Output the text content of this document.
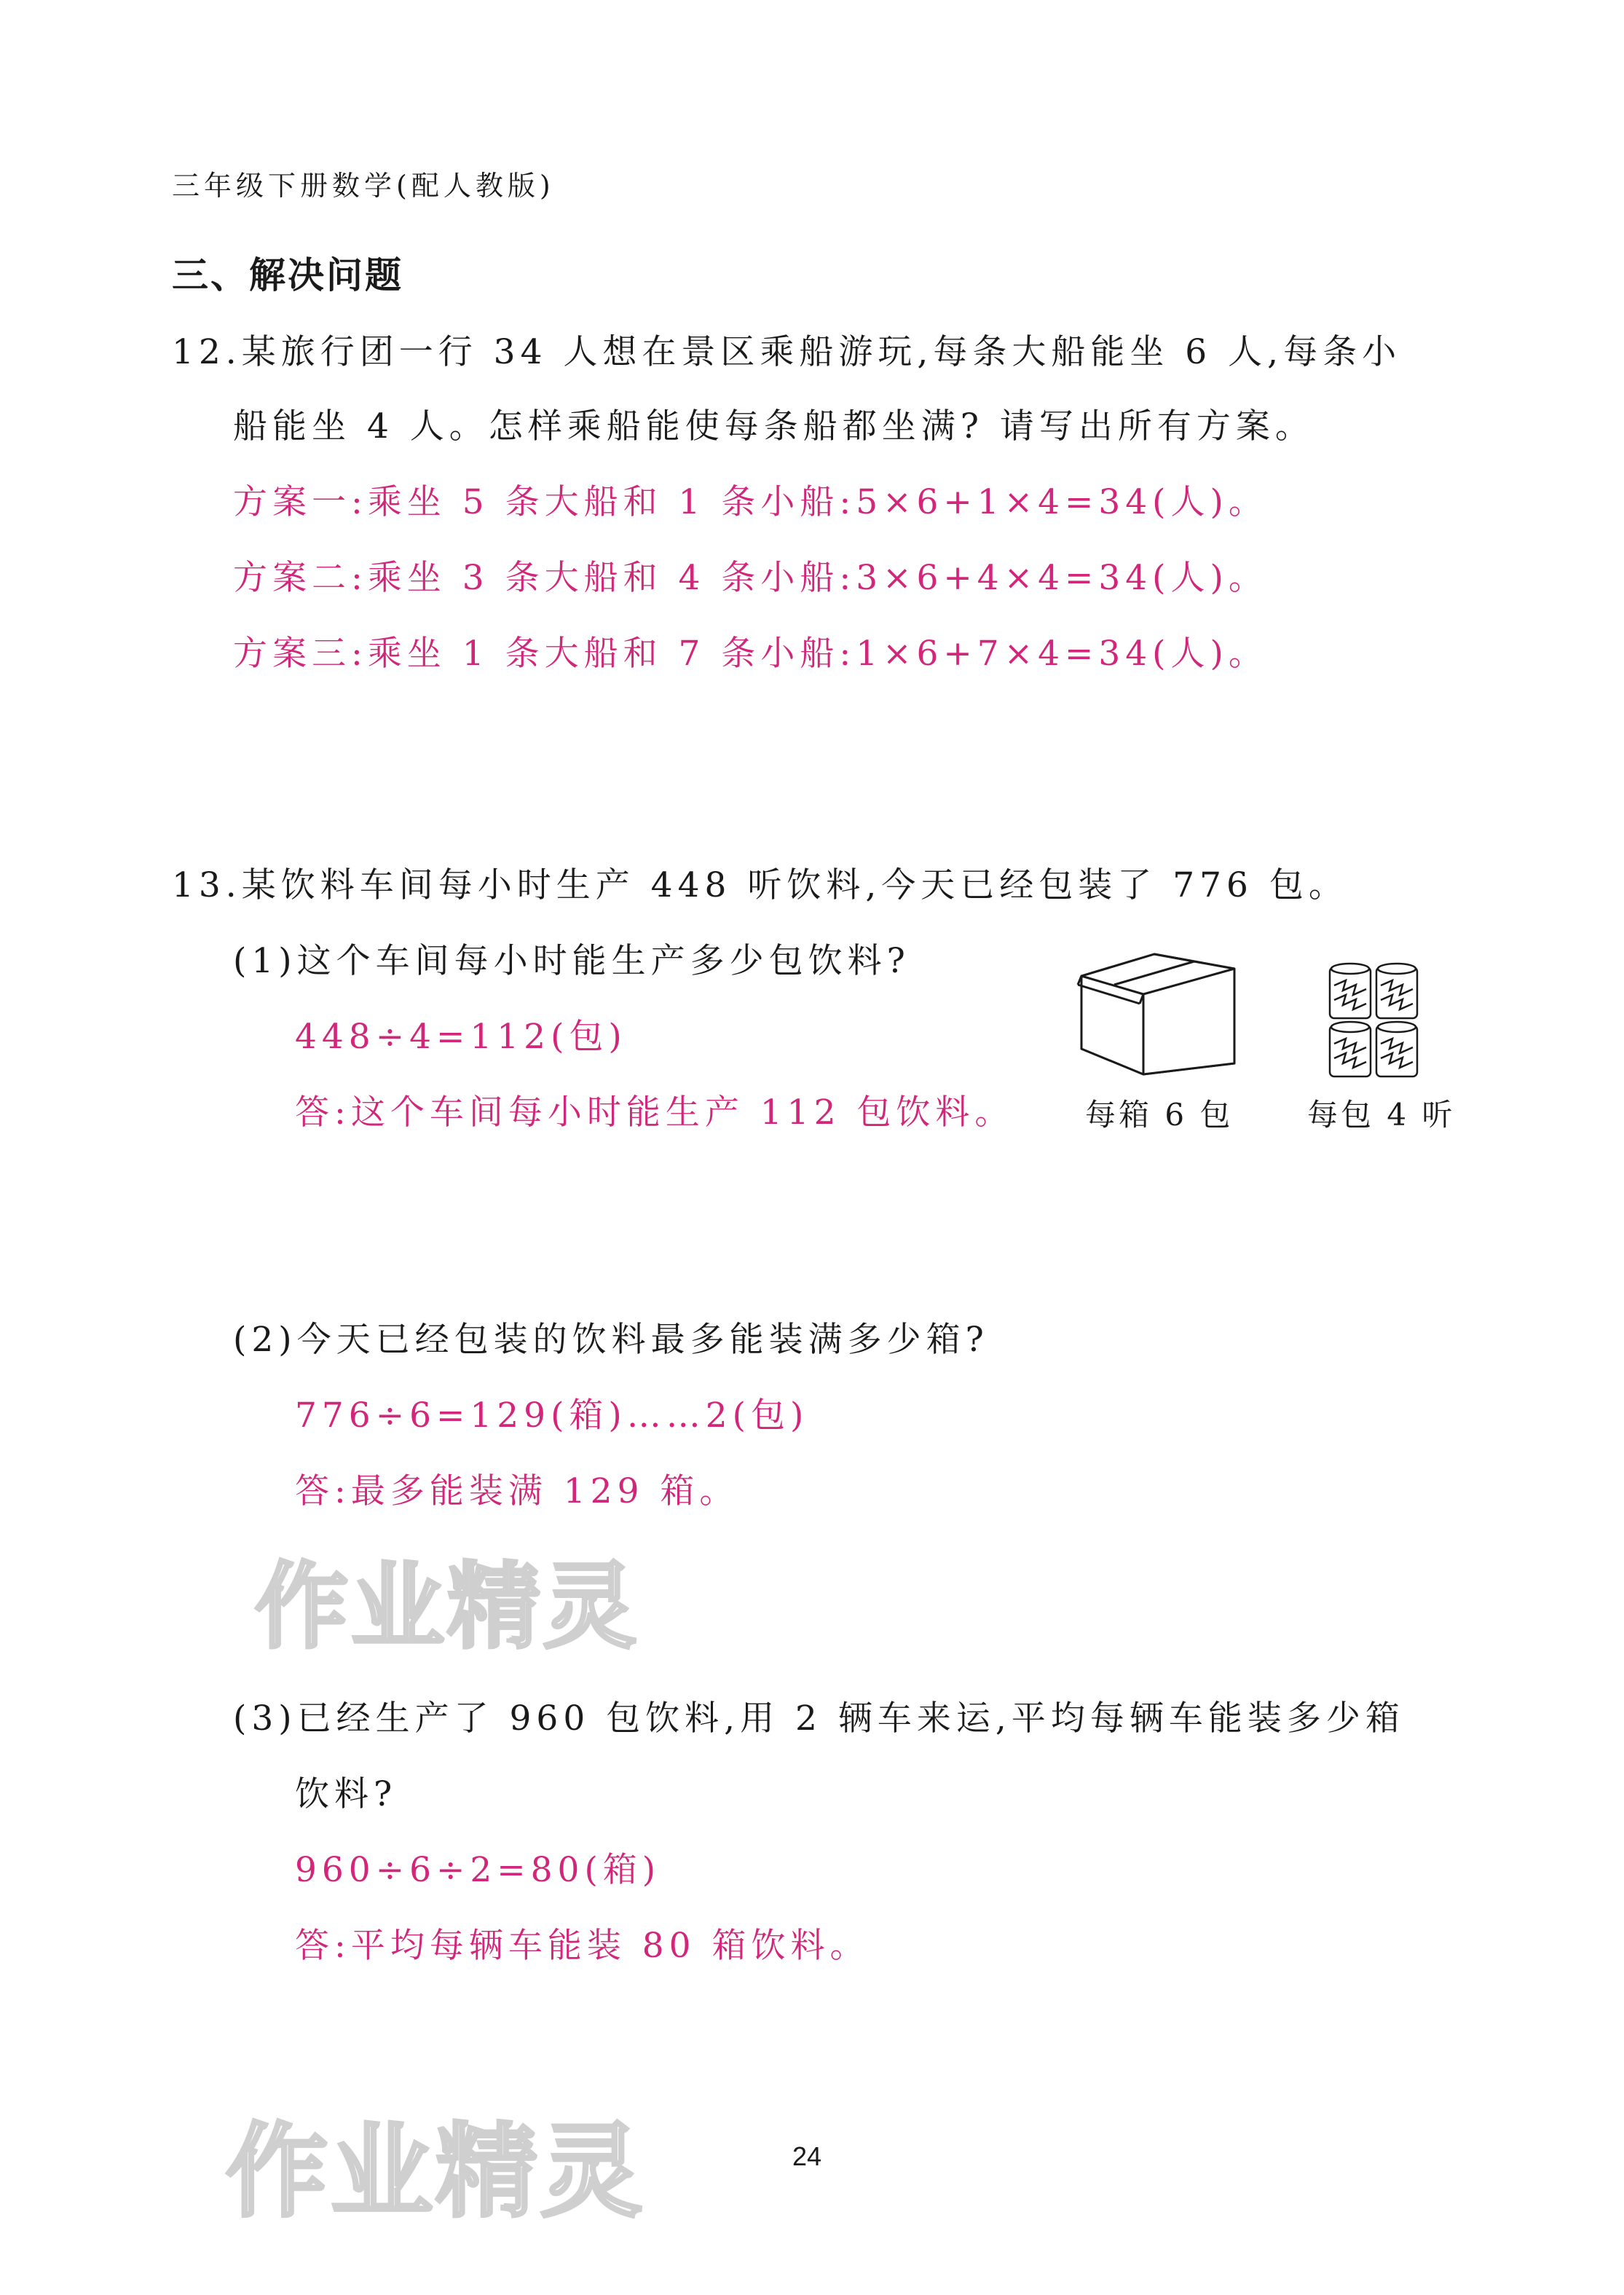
三年级下册数学(配人教版)
三、解决问题
12.某旅行团一行 34 人想在景区乘船游玩,每条大船能坐 6 人,每条小
船能坐 4 人。怎样乘船能使每条船都坐满? 请写出所有方案。
方案一:乘坐 5 条大船和 1 条小船:5×6+1×4=34(人)。
方案二:乘坐 3 条大船和 4 条小船:3×6+4×4=34(人)。
方案三:乘坐 1 条大船和 7 条小船:1×6+7×4=34(人)。
13.某饮料车间每小时生产 448 听饮料,今天已经包装了 776 包。
(1)这个车间每小时能生产多少包饮料?
448÷4=112(包)
答:这个车间每小时能生产 112 包饮料。 每箱 6 包 每包 4 听
(2)今天已经包装的饮料最多能装满多少箱?
776÷6=129(箱)……2(包)
答:最多能装满 129 箱。
作业精灵
(3)已经生产了 960 包饮料,用 2 辆车来运,平均每辆车能装多少箱
饮料?
960÷6÷2=80(箱)
答:平均每辆车能装 80 箱饮料。
24
作业精灵
